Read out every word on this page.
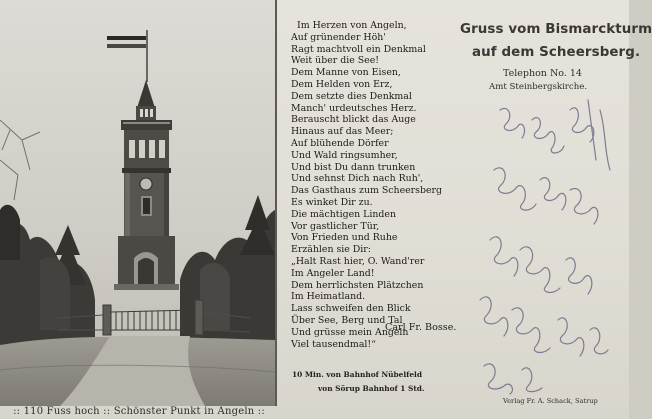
:: 110 Fuss hoch :: Schönster Punkt in Angeln ::
Gruss vom Bismarckturm
auf dem Scheersberg.
Telephon No. 14
Amt Steinbergskirche.
Im Herzen von Angeln,
Auf grünender Höh'
Ragt machtvoll ein Denkmal
Weit über die See!
Dem Manne von Eisen,
Dem Helden von Erz,
Dem setzte dies Denkmal
Manch' urdeutsches Herz.
Berauscht blickt das Auge
Hinaus auf das Meer;
Auf blühende Dörfer
Und Wald ringsumher,
Und bist Du dann trunken
Und sehnst Dich nach Ruh',
Das Gasthaus zum Scheersberg
Es winket Dir zu.
Die mächtigen Linden
Vor gastlicher Tür,
Von Frieden und Ruhe
Erzählen sie Dir:
„Halt Rast hier, O. Wand'rer
Im Angeler Land!
Dem herrlichsten Plätzchen
Im Heimatland.
Lass schweifen den Blick
Über See, Berg und Tal
Und grüsse mein Angeln
Viel tausendmal!“
Carl Fr. Bosse.
10 Min. von Bahnhof Nübelfeld
von Sörup Bahnhof 1 Std.
Verlag Fr. A. Schack, Satrup
